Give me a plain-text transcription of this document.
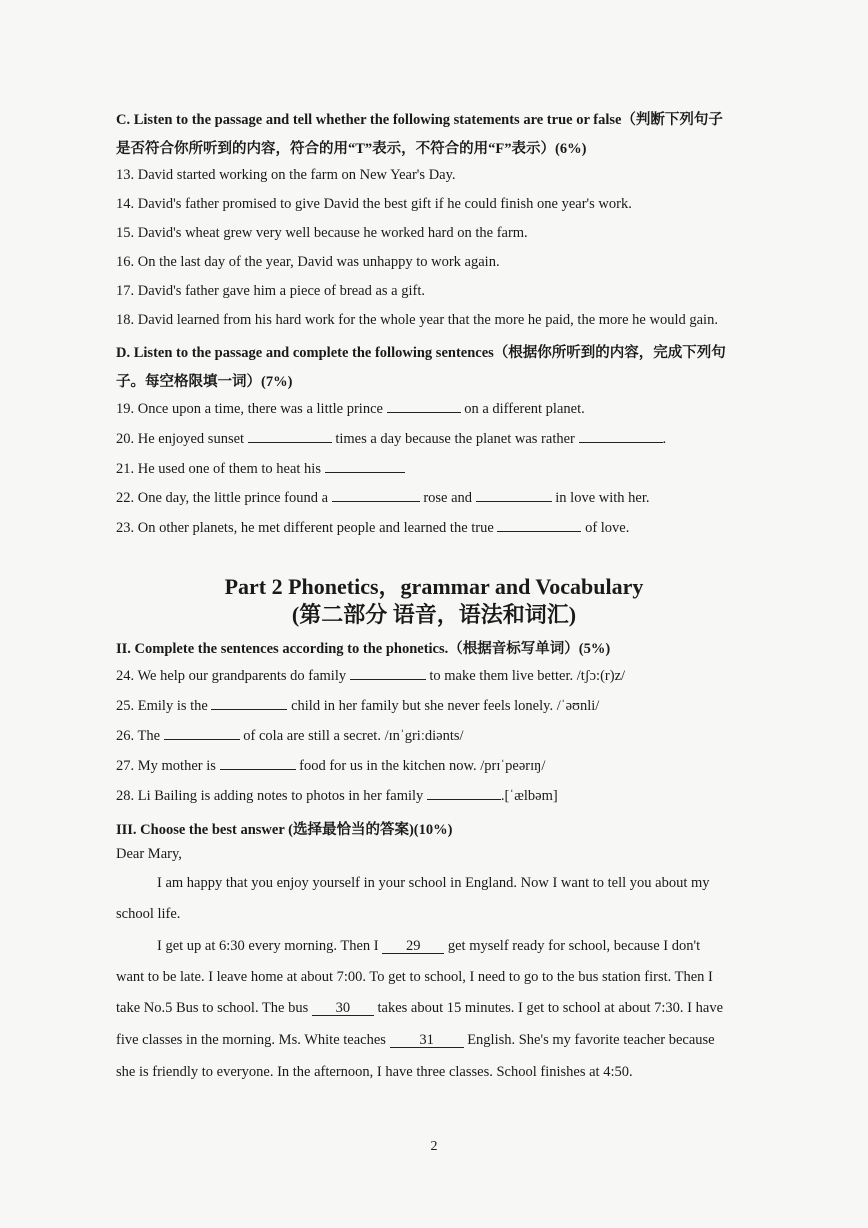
C. Listen to the passage and tell whether the following statements are true or false（判断下列句子
是否符合你所听到的内容，符合的用“T”表示，不符合的用“F”表示）(6%)
13. David started working on the farm on New Year's Day.
14. David's father promised to give David the best gift if he could finish one year's work.
15. David's wheat grew very well because he worked hard on the farm.
16. On the last day of the year, David was unhappy to work again.
17. David's father gave him a piece of bread as a gift.
18. David learned from his hard work for the whole year that the more he paid, the more he would gain.
D. Listen to the passage and complete the following sentences（根据你所听到的内容，完成下列句
子。每空格限填一词）(7%)
19. Once upon a time, there was a little prince	on a different planet.
20. He enjoyed sunset	times a day because the planet was rather	.
21. He used one of them to heat his
22. One day, the little prince found a	rose and	in love with her.
23. On other planets, he met different people and learned the true	of love.
Part 2 Phonetics，grammar and Vocabulary
(第二部分 语音，语法和词汇)
II. Complete the sentences according to the phonetics.（根据音标写单词）(5%)
24. We help our grandparents do family	to make them live better. /tʃɔ:(r)z/
25. Emily is the	child in her family but she never feels lonely. /ˈəʊnli/
26. The	of cola are still a secret. /ɪnˈgriːdiənts/
27. My mother is	food for us in the kitchen now. /prɪˈpeərɪŋ/
28. Li Bailing is adding notes to photos in her family	.[ˈælbəm]
III. Choose the best answer (选择最恰当的答案)(10%)
Dear Mary,
I am happy that you enjoy yourself in your school in England. Now I want to tell you about my
school life.
I get up at 6:30 every morning. Then I 29 get myself ready for school, because I don't
want to be late. I leave home at about 7:00. To get to school, I need to go to the bus station first. Then I
take No.5 Bus to school. The bus 30 takes about 15 minutes. I get to school at about 7:30. I have
five classes in the morning. Ms. White teaches 31 English. She's my favorite teacher because
she is friendly to everyone. In the afternoon, I have three classes. School finishes at 4:50.
2
